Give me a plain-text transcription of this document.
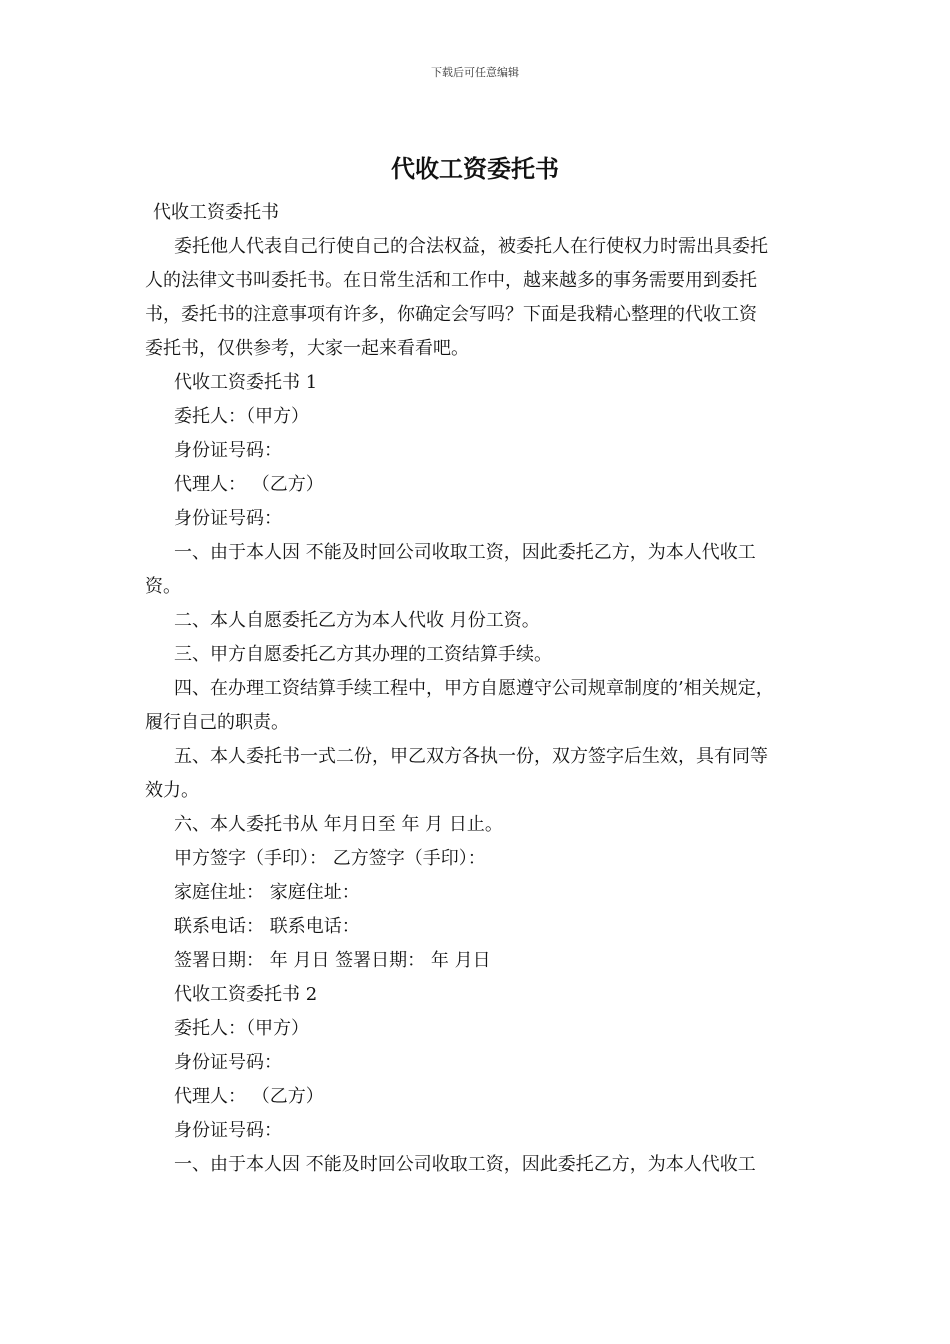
下载后可任意编辑
代收工资委托书

代收工资委托书

委托他人代表自己行使自己的合法权益，被委托人在行使权力时需出具委托

人的法律文书叫委托书。在日常生活和工作中，越来越多的事务需要用到委托

书，委托书的注意事项有许多，你确定会写吗？下面是我精心整理的代收工资

委托书，仅供参考，大家一起来看看吧。

代收工资委托书 1

委托人：（甲方）

身份证号码：

代理人： （乙方）

身份证号码：

一、由于本人因 不能及时回公司收取工资，因此委托乙方，为本人代收工

资。

二、本人自愿委托乙方为本人代收 月份工资。

三、甲方自愿委托乙方其办理的工资结算手续。

四、在办理工资结算手续工程中，甲方自愿遵守公司规章制度的’相关规定，

履行自己的职责。

五、本人委托书一式二份，甲乙双方各执一份，双方签字后生效，具有同等

效力。

六、本人委托书从 年月日至 年 月 日止。

甲方签字（手印）： 乙方签字（手印）：

家庭住址： 家庭住址：

联系电话： 联系电话：

签署日期： 年 月日 签署日期： 年 月日

代收工资委托书 2

委托人：（甲方）

身份证号码：

代理人： （乙方）

身份证号码：

一、由于本人因 不能及时回公司收取工资，因此委托乙方，为本人代收工
